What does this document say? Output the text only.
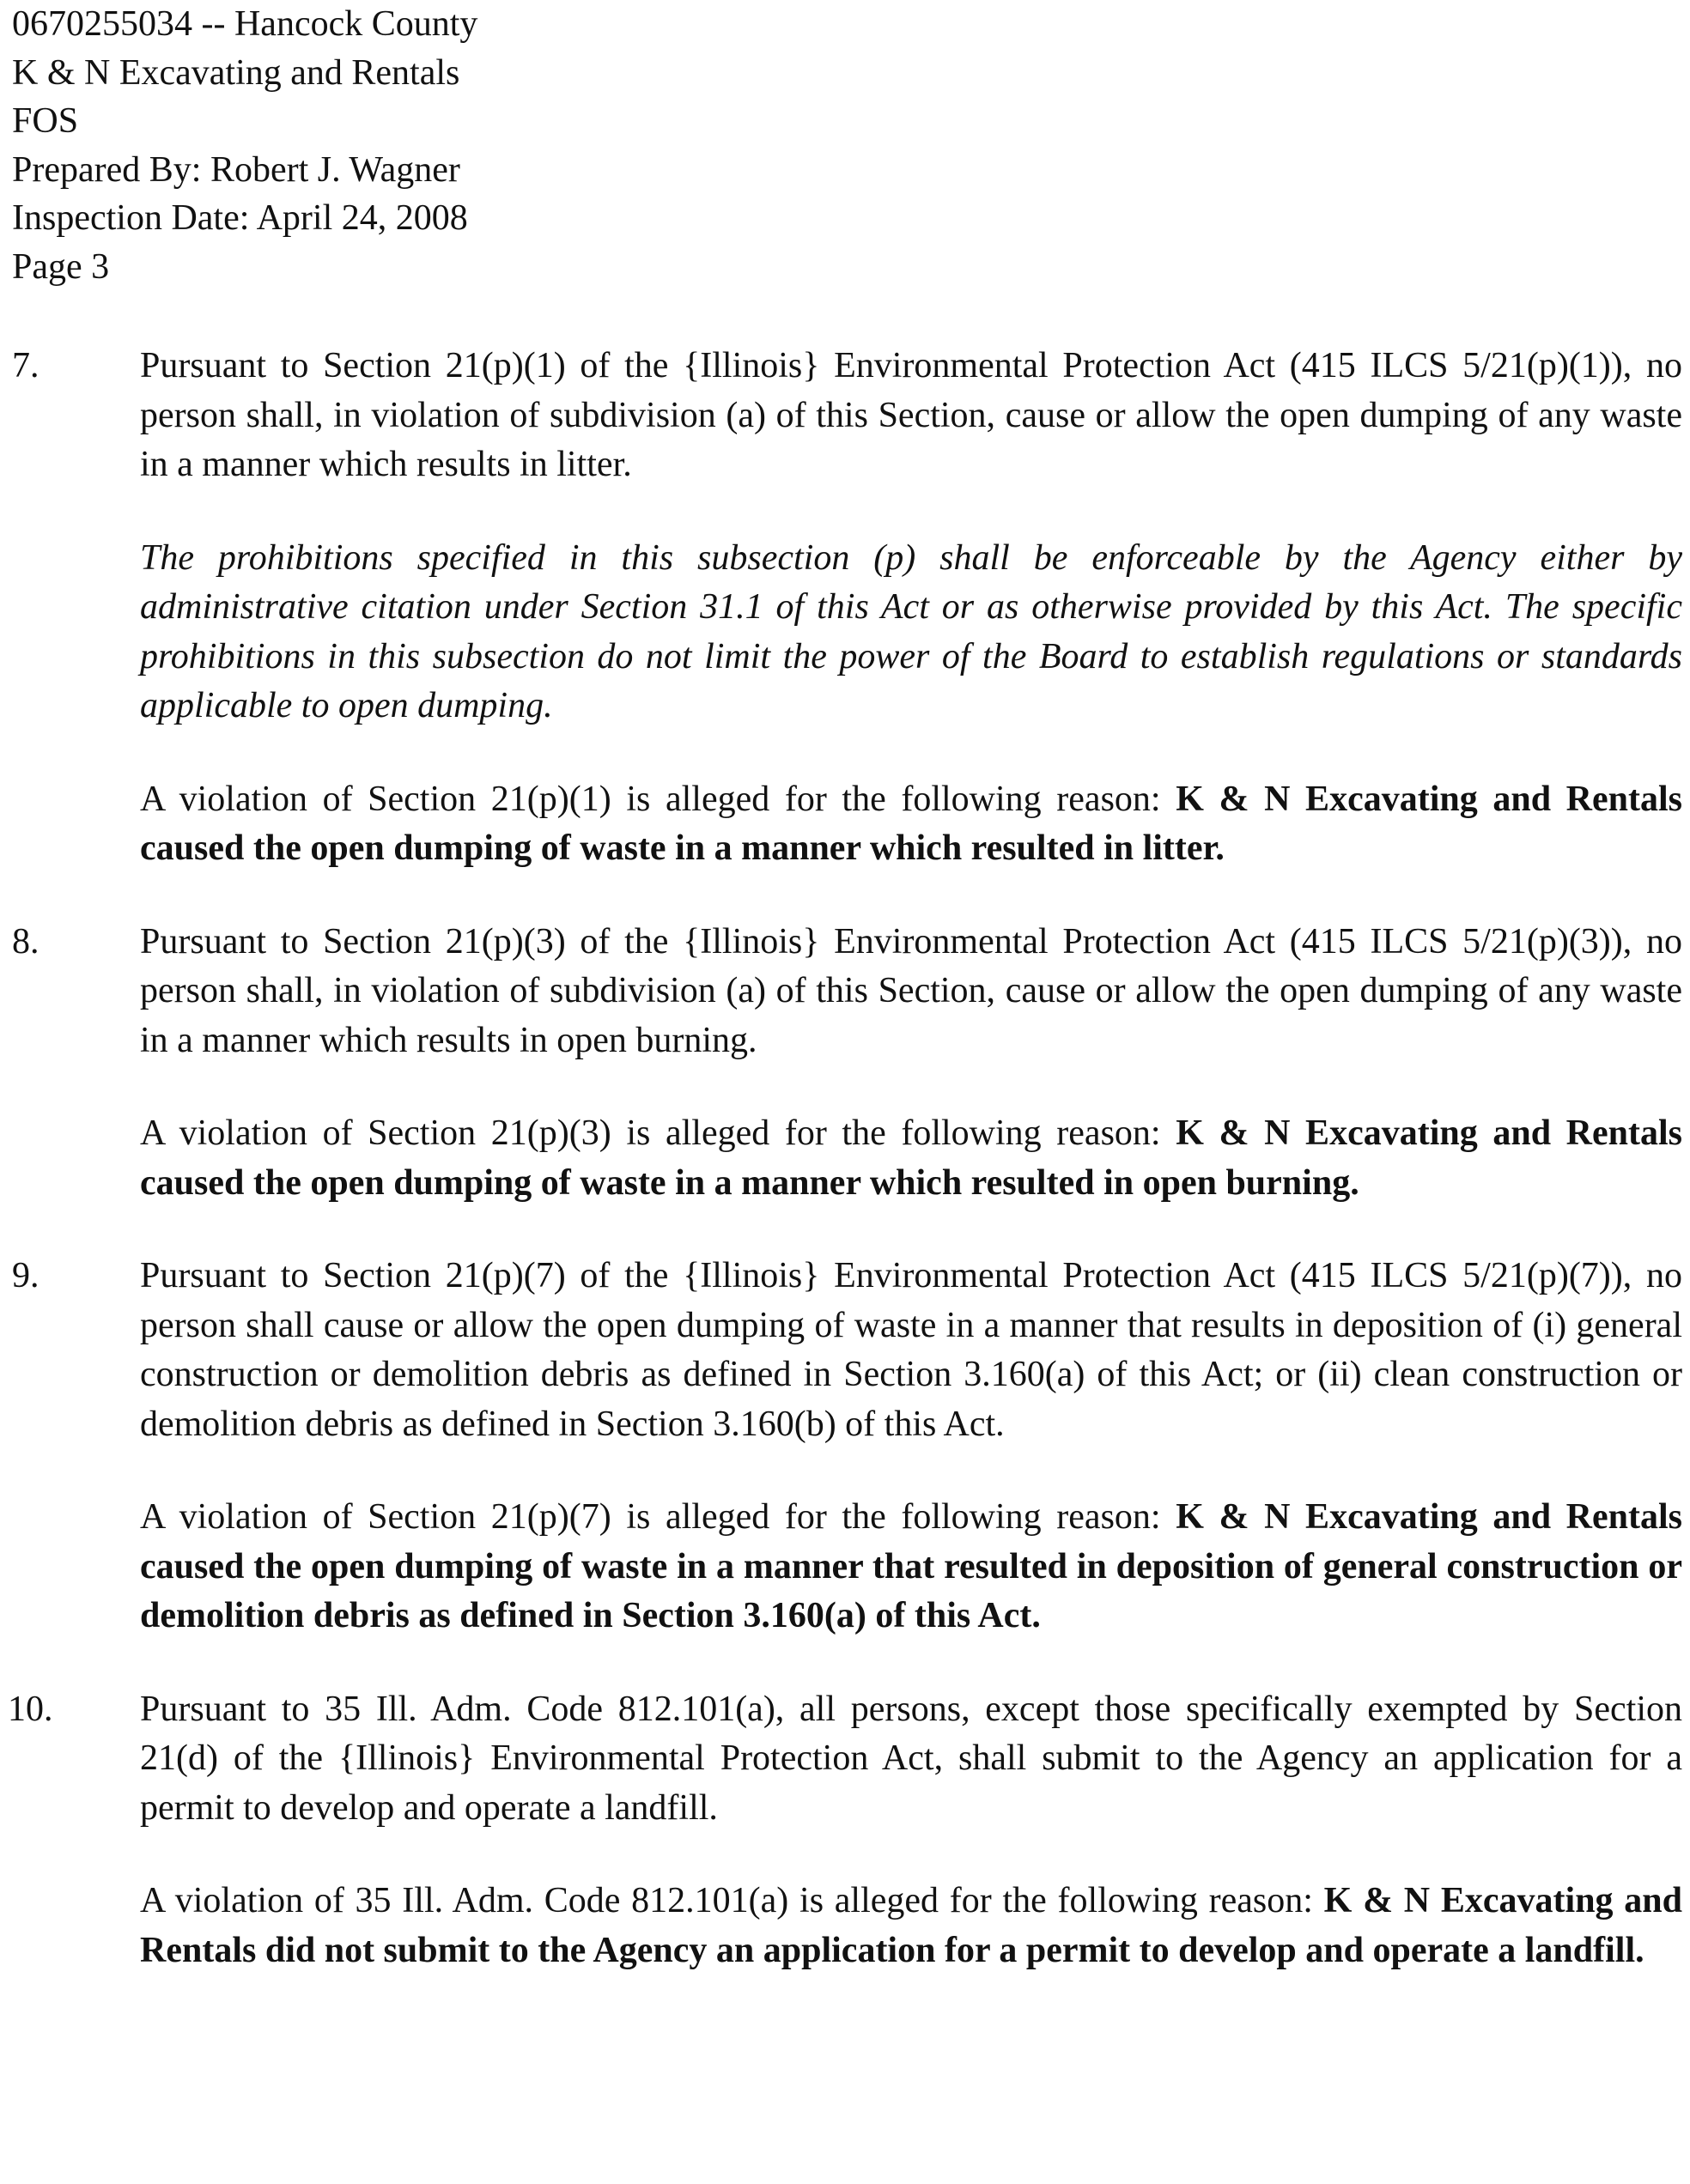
0670255034 -- Hancock County
K & N Excavating and Rentals
FOS
Prepared By: Robert J. Wagner
Inspection Date: April 24, 2008
Page 3
7.	Pursuant to Section 21(p)(1) of the {Illinois} Environmental Protection Act (415 ILCS 5/21(p)(1)), no person shall, in violation of subdivision (a) of this Section, cause or allow the open dumping of any waste in a manner which results in litter.
The prohibitions specified in this subsection (p) shall be enforceable by the Agency either by administrative citation under Section 31.1 of this Act or as otherwise provided by this Act. The specific prohibitions in this subsection do not limit the power of the Board to establish regulations or standards applicable to open dumping.
A violation of Section 21(p)(1) is alleged for the following reason: K & N Excavating and Rentals caused the open dumping of waste in a manner which resulted in litter.
8.	Pursuant to Section 21(p)(3) of the {Illinois} Environmental Protection Act (415 ILCS 5/21(p)(3)), no person shall, in violation of subdivision (a) of this Section, cause or allow the open dumping of any waste in a manner which results in open burning.
A violation of Section 21(p)(3) is alleged for the following reason: K & N Excavating and Rentals caused the open dumping of waste in a manner which resulted in open burning.
9.	Pursuant to Section 21(p)(7) of the {Illinois} Environmental Protection Act (415 ILCS 5/21(p)(7)), no person shall cause or allow the open dumping of waste in a manner that results in deposition of (i) general construction or demolition debris as defined in Section 3.160(a) of this Act; or (ii) clean construction or demolition debris as defined in Section 3.160(b) of this Act.
A violation of Section 21(p)(7) is alleged for the following reason: K & N Excavating and Rentals caused the open dumping of waste in a manner that resulted in deposition of general construction or demolition debris as defined in Section 3.160(a) of this Act.
10. Pursuant to 35 Ill. Adm. Code 812.101(a), all persons, except those specifically exempted by Section 21(d) of the {Illinois} Environmental Protection Act, shall submit to the Agency an application for a permit to develop and operate a landfill.
A violation of 35 Ill. Adm. Code 812.101(a) is alleged for the following reason: K & N Excavating and Rentals did not submit to the Agency an application for a permit to develop and operate a landfill.
